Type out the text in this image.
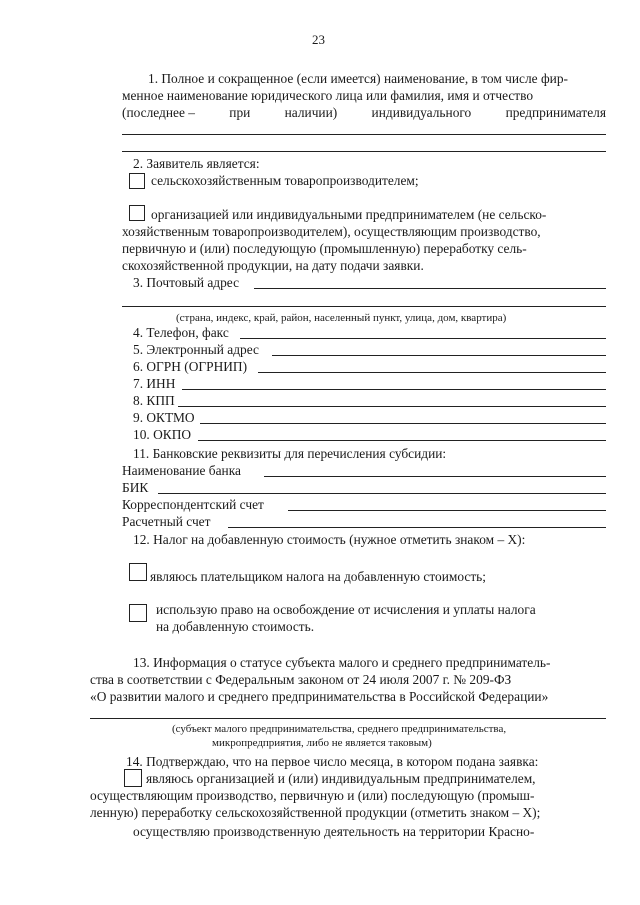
23
1. Полное и сокращенное (если имеется) наименование, в том числе фир-
менное наименование юридического лица или фамилия, имя и отчество
(последнее –	при	наличии)	индивидуального	предпринимателя
2. Заявитель является:
сельскохозяйственным товаропроизводителем;
организацией или индивидуальными предпринимателем (не сельско-
хозяйственным товаропроизводителем), осуществляющим производство,
первичную и (или) последующую (промышленную) переработку сель-
скохозяйственной продукции, на дату подачи заявки.
3. Почтовый адрес
(страна, индекс, край, район, населенный пункт, улица, дом, квартира)
4. Телефон, факс
5. Электронный адрес
6. ОГРН (ОГРНИП)
7. ИНН
8. КПП
9. ОКТМО
10. ОКПО
11. Банковские реквизиты для перечисления субсидии:
Наименование банка
БИК
Корреспондентский счет
Расчетный счет
12. Налог на добавленную стоимость (нужное отметить знаком – Х):
являюсь плательщиком налога на добавленную стоимость;
использую право на освобождение от исчисления и уплаты налога
на добавленную стоимость.
13. Информация о статусе субъекта малого и среднего предприниматель-
ства в соответствии с Федеральным законом от 24 июля 2007 г. № 209-ФЗ
«О развитии малого и среднего предпринимательства в Российской Федерации»
(субъект малого предпринимательства, среднего предпринимательства,
микропредприятия, либо не является таковым)
14. Подтверждаю, что на первое число месяца, в котором подана заявка:
являюсь организацией и (или) индивидуальным предпринимателем,
осуществляющим производство, первичную и (или) последующую (промыш-
ленную) переработку сельскохозяйственной продукции (отметить знаком – Х);
осуществляю производственную деятельность на территории Красно-
